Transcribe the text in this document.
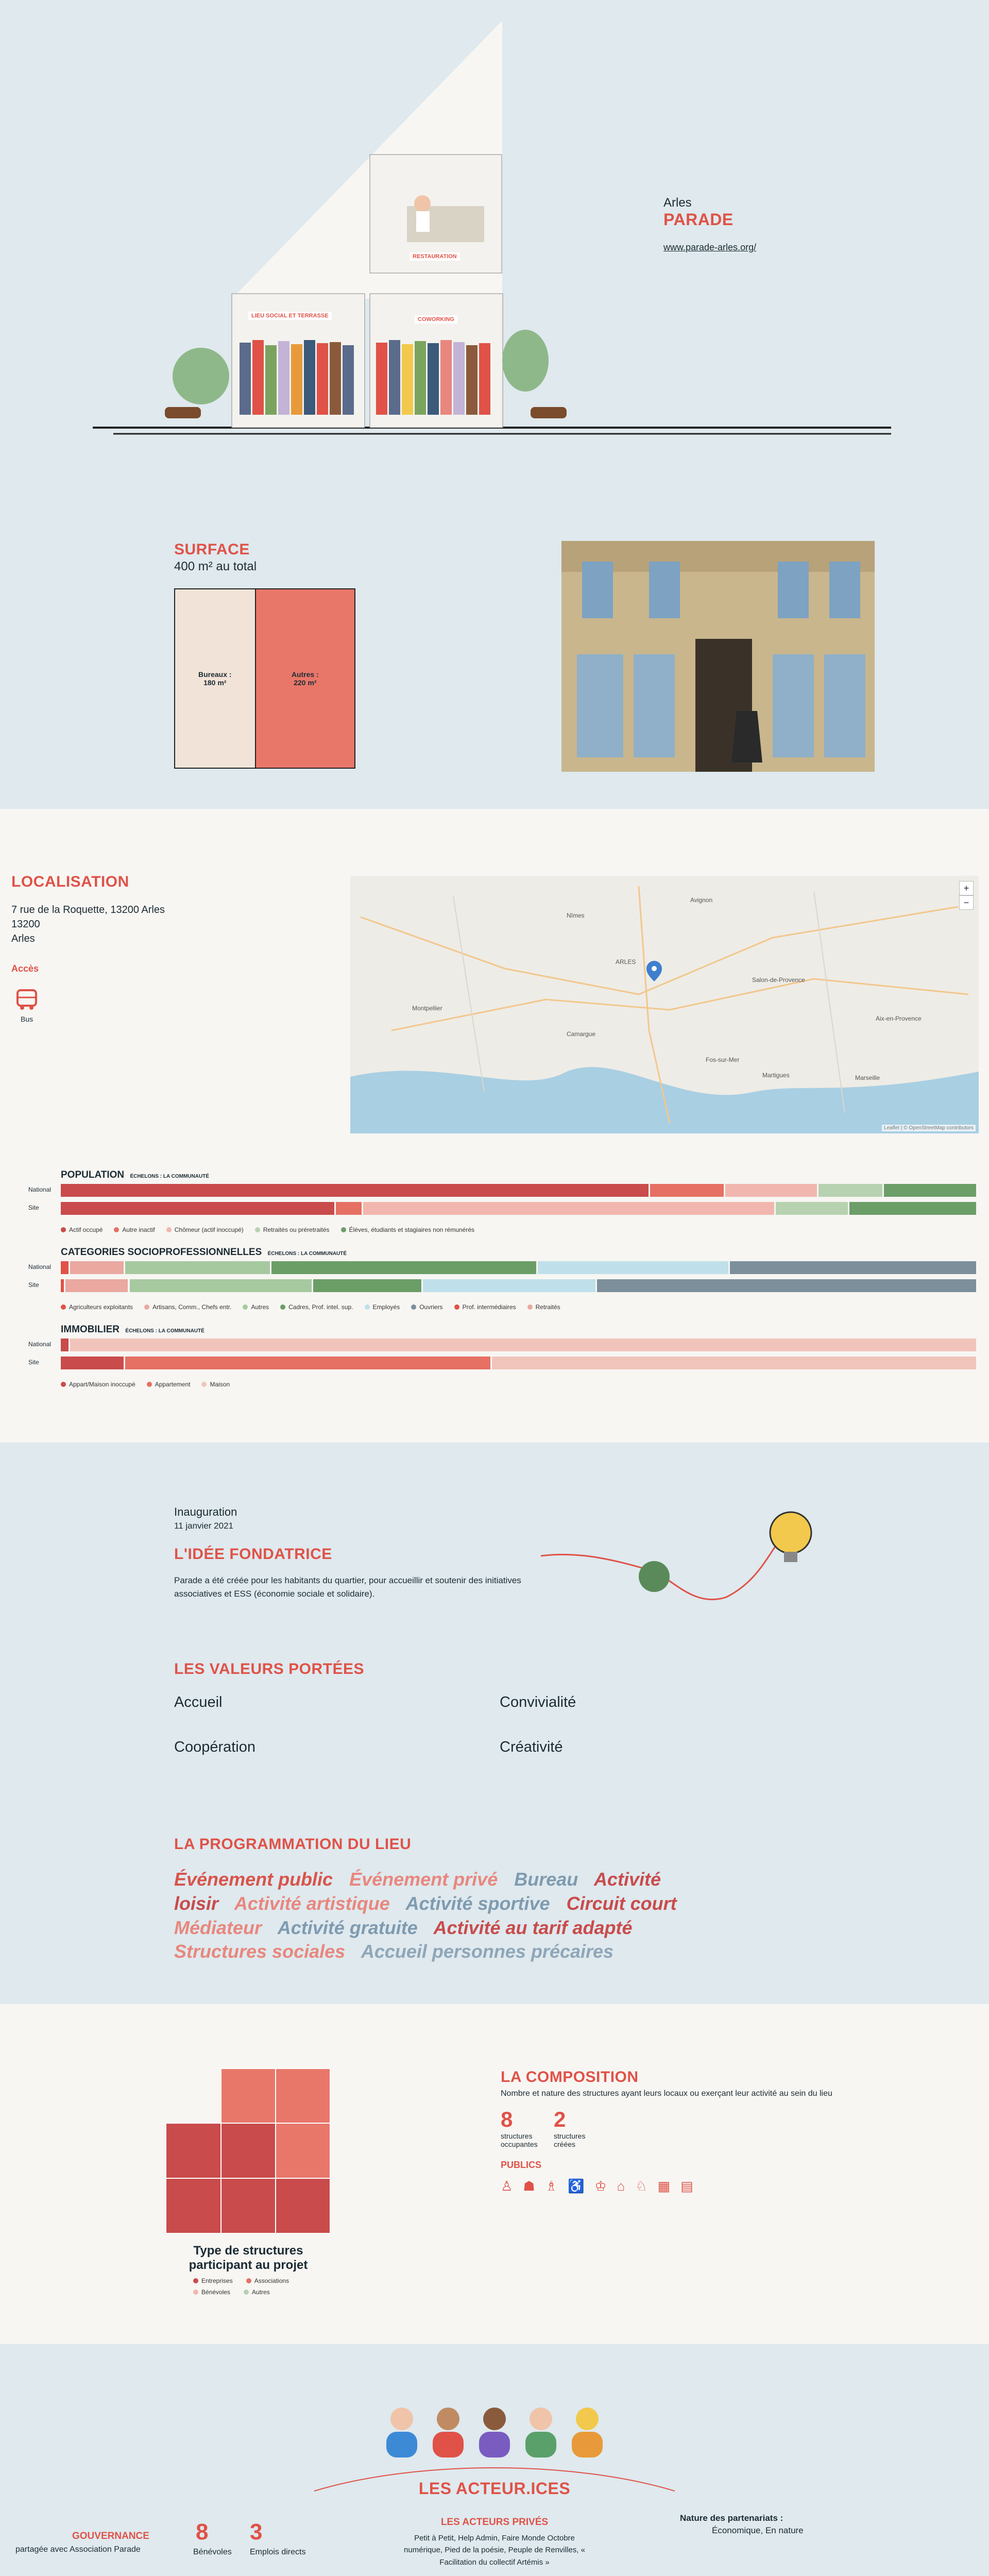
RESTAURATION
LIEU SOCIAL ET TERRASSE
COWORKING
Arles
PARADE
www.parade-arles.org/
SURFACE
400 m² au total
Bureaux :
180 m²
Autres :
220 m²
LOCALISATION
7 rue de la Roquette, 13200 Arles
13200
Arles
Accès
Bus
ARLES
Avignon
Nîmes
Marseille
Salon-de-Provence
Camargue
Montpellier
Aix-en-Provence
Fos-sur-Mer
Martigues
+
−
Leaflet | © OpenStreetMap contributors
POPULATION ÉCHELONS : LA COMMUNAUTÉ
National
Site
Actif occupé	Autre inactif	Chômeur (actif inoccupé)	Retraités ou préretraités	Élèves, étudiants et stagiaires non rémunérés
CATEGORIES SOCIOPROFESSIONNELLES ÉCHELONS : LA COMMUNAUTÉ
National
Site
Agriculteurs exploitants	Artisans, Comm., Chefs entr.	Autres	Cadres, Prof. intel. sup.	Employés	Ouvriers	Prof. intermédiaires	Retraités
IMMOBILIER ÉCHELONS : LA COMMUNAUTÉ
National
Site
Appart/Maison inoccupé	Appartement	Maison
Inauguration
11 janvier 2021
L'IDÉE FONDATRICE
Parade a été créée pour les habitants du quartier, pour accueillir et soutenir des initiatives associatives et ESS (économie sociale et solidaire).
LES VALEURS PORTÉES
Accueil	Convivialité
Coopération	Créativité
LA PROGRAMMATION DU LIEU
Événement public Événement privé Bureau Activité loisir Activité artistique Activité sportive Circuit court Médiateur Activité gratuite Activité au tarif adapté Structures sociales Accueil personnes précaires
Type de structures participant au projet
Entreprises	Associations
Bénévoles	Autres
LA COMPOSITION
Nombre et nature des structures ayant leurs locaux ou exerçant leur activité au sein du lieu
8
structures occupantes
2
structures créées
PUBLICS
♙ ☗ ♗ ♿ ♔ ⌂ ♘ ▦ ▤
LES ACTEUR.ICES
GOUVERNANCE
partagée avec Association Parade
8
Bénévoles
3
Emplois directs
LES ACTEURS PRIVÉS
Petit à Petit, Help Admin, Faire Monde Octobre numérique, Pied de la poésie, Peuple de Renvilles, « Facilitation du collectif Artémis »
Nature des partenariats :
Économique, En nature
